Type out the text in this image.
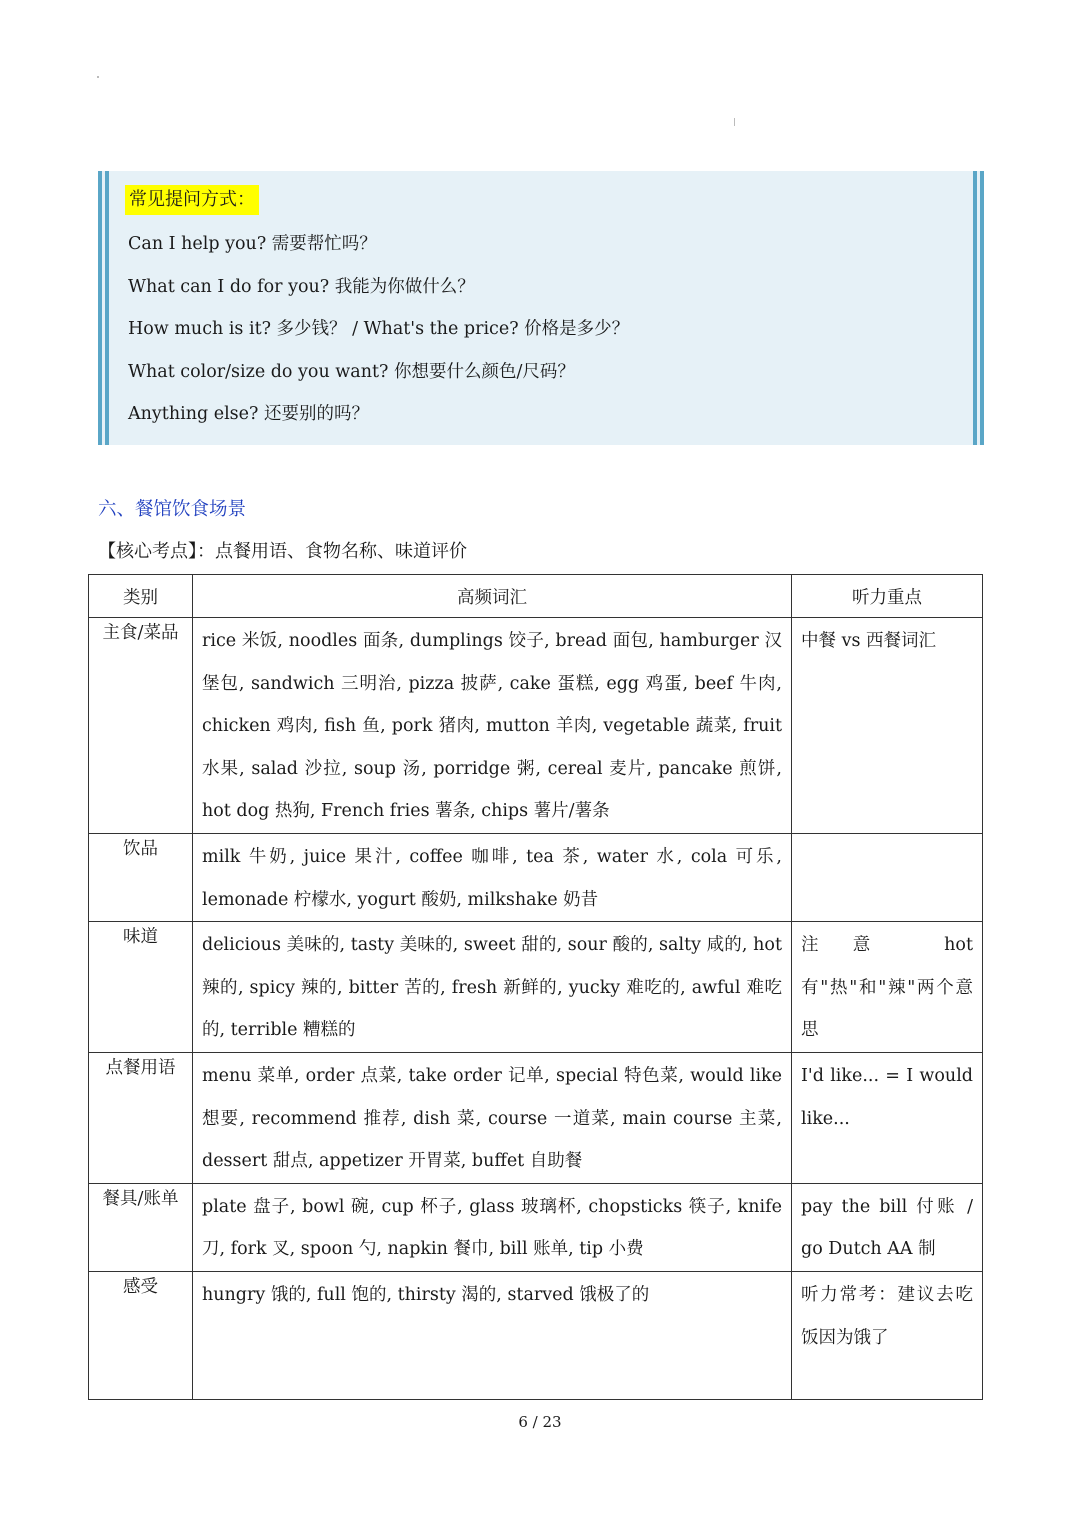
常见提问方式：
Can I help you? 需要帮忙吗？
What can I do for you? 我能为你做什么？
How much is it? 多少钱？ / What's the price? 价格是多少？
What color/size do you want? 你想要什么颜色/尺码？
Anything else? 还要别的吗？
六、餐馆饮食场景
【核心考点】：点餐用语、食物名称、味道评价
类别	高频词汇	听力重点
主食/菜品	rice 米饭, noodles 面条, dumplings 饺子, bread 面包, hamburger 汉堡包, sandwich 三明治, pizza 披萨, cake 蛋糕, egg 鸡蛋, beef 牛肉, chicken 鸡肉, fish 鱼, pork 猪肉, mutton 羊肉, vegetable 蔬菜, fruit 水果, salad 沙拉, soup 汤, porridge 粥, cereal 麦片, pancake 煎饼, hot dog 热狗, French fries 薯条, chips 薯片/薯条	中餐 vs 西餐词汇
饮品	milk 牛奶, juice 果汁, coffee 咖啡, tea 茶, water 水, cola 可乐, lemonade 柠檬水, yogurt 酸奶, milkshake 奶昔	
味道	delicious 美味的, tasty 美味的, sweet 甜的, sour 酸的, salty 咸的, hot 辣的, spicy 辣的, bitter 苦的, fresh 新鲜的, yucky 难吃的, awful 难吃的, terrible 糟糕的	注意 hot 有"热"和"辣"两个意思
点餐用语	menu 菜单, order 点菜, take order 记单, special 特色菜, would like 想要, recommend 推荐, dish 菜, course 一道菜, main course 主菜, dessert 甜点, appetizer 开胃菜, buffet 自助餐	I'd like... = I would like...
餐具/账单	plate 盘子, bowl 碗, cup 杯子, glass 玻璃杯, chopsticks 筷子, knife 刀, fork 叉, spoon 勺, napkin 餐巾, bill 账单, tip 小费	pay the bill 付账 / go Dutch AA 制
感受	hungry 饿的, full 饱的, thirsty 渴的, starved 饿极了的	听力常考：建议去吃饭因为饿了
6 / 23
